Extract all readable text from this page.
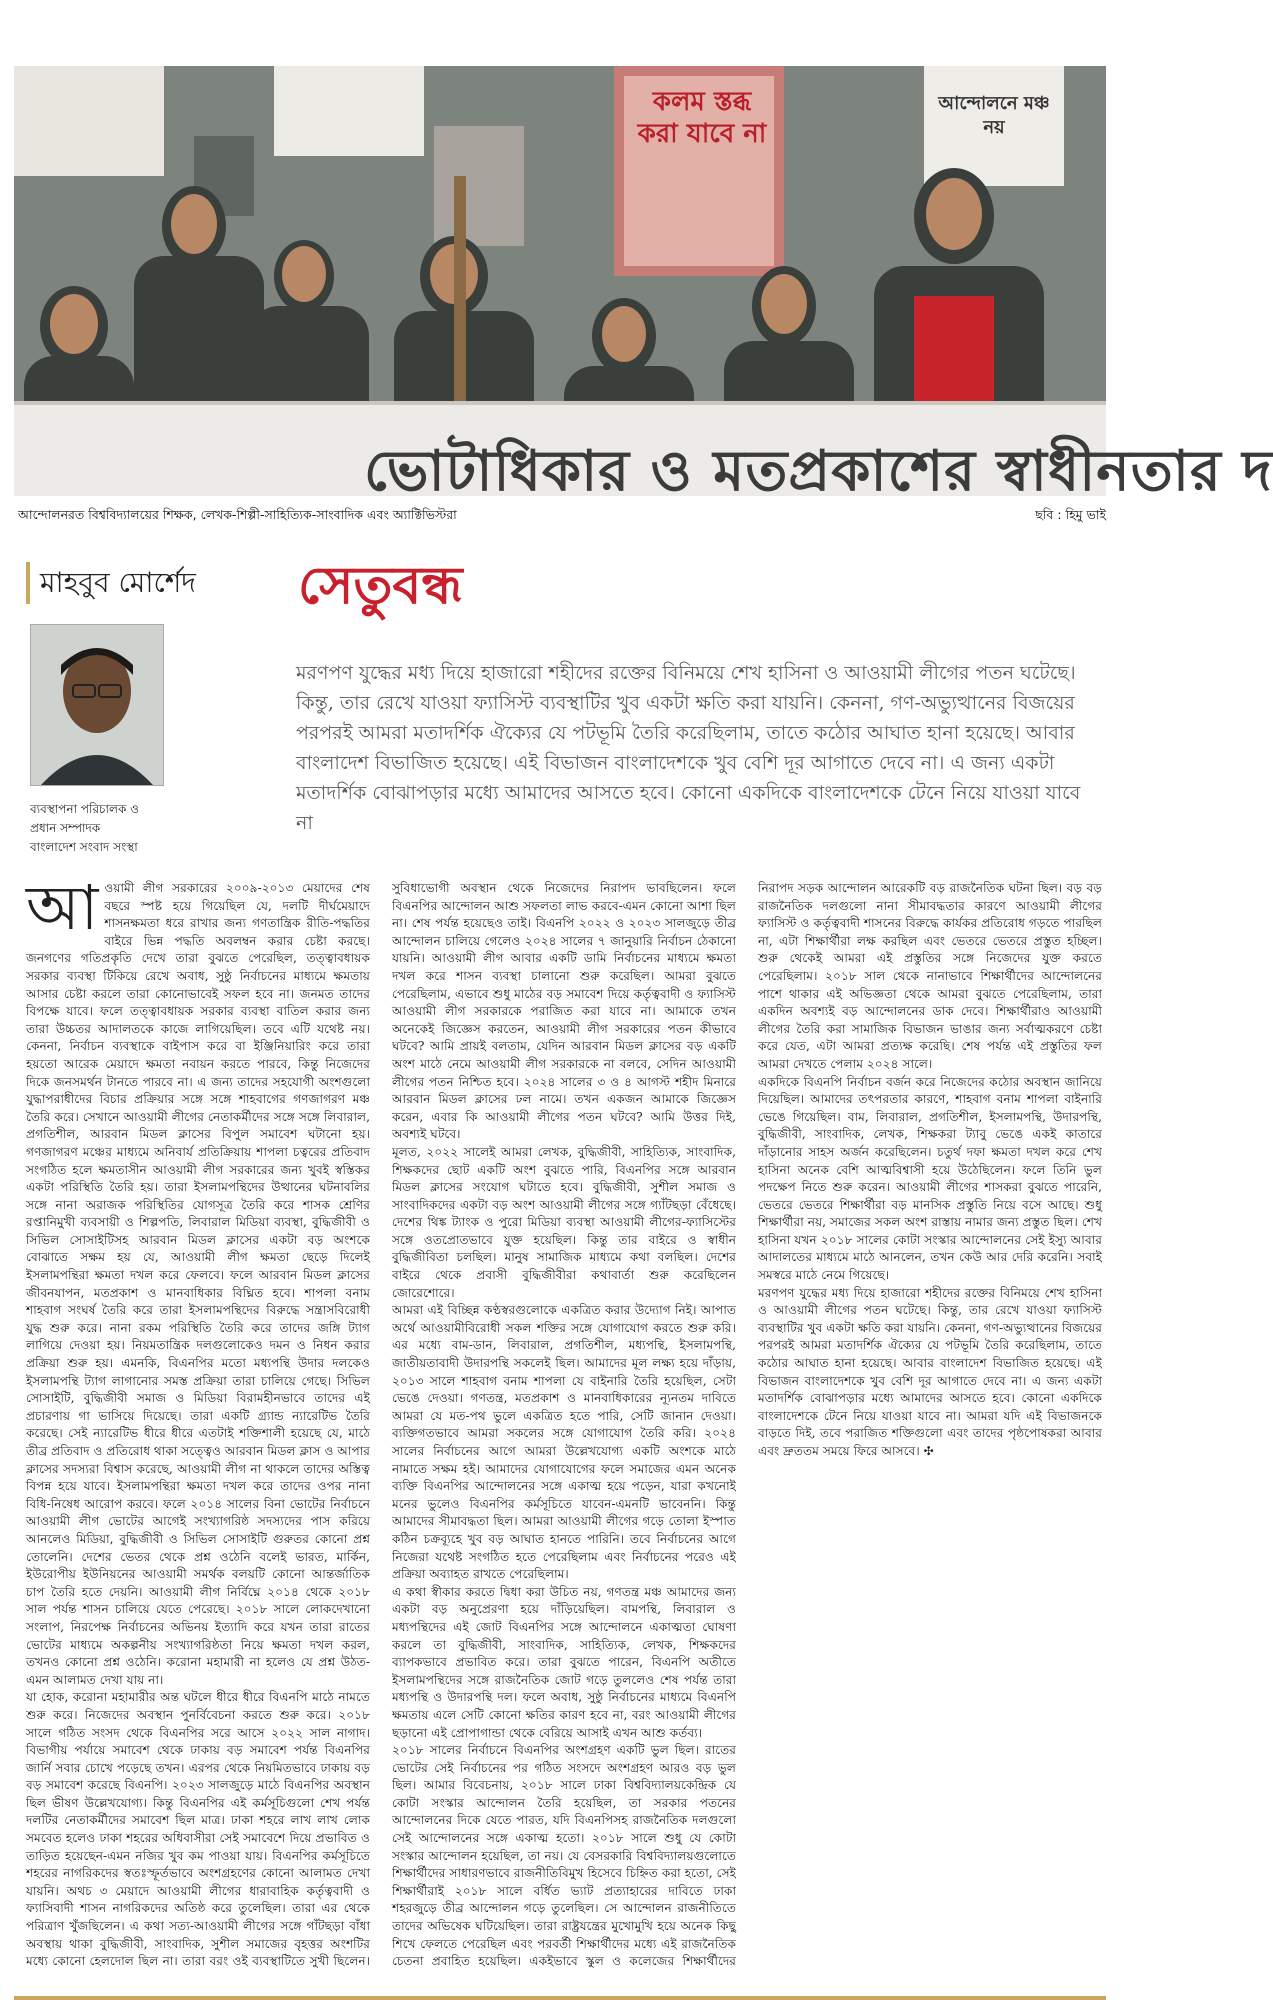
কলম স্তব্ধ করা যাবে না
আন্দোলনে মঞ্চ নয়
ভোটাধিকার ও মতপ্রকাশের স্বাধীনতার দ
আন্দোলনরত বিশ্ববিদ্যালয়ের শিক্ষক, লেখক-শিল্পী-সাহিত্যিক-সাংবাদিক এবং অ্যাক্টিভিস্টরা	ছবি : হিমু ভাই
মাহবুব মোর্শেদ সেতুবন্ধ
ব্যবস্থাপনা পরিচালক ও
প্রধান সম্পাদক
বাংলাদেশ সংবাদ সংস্থা
মরণপণ যুদ্ধের মধ্য দিয়ে হাজারো শহীদের রক্তের বিনিময়ে শেখ হাসিনা ও আওয়ামী লীগের পতন ঘটেছে। কিন্তু, তার রেখে যাওয়া ফ্যাসিস্ট ব্যবস্থাটির খুব একটা ক্ষতি করা যায়নি। কেননা, গণ-অভ্যুত্থানের বিজয়ের পরপরই আমরা মতাদর্শিক ঐক্যের যে পটভূমি তৈরি করেছিলাম, তাতে কঠোর আঘাত হানা হয়েছে। আবার বাংলাদেশ বিভাজিত হয়েছে। এই বিভাজন বাংলাদেশকে খুব বেশি দূর আগাতে দেবে না। এ জন্য একটা মতাদর্শিক বোঝাপড়ার মধ্যে আমাদের আসতে হবে। কোনো একদিকে বাংলাদেশকে টেনে নিয়ে যাওয়া যাবে না

আওয়ামী লীগ সরকারের ২০০৯-২০১৩ মেয়াদের শেষ বছরে স্পষ্ট হয়ে গিয়েছিল যে, দলটি দীর্ঘমেয়াদে শাসনক্ষমতা ধরে রাখার জন্য গণতান্ত্রিক রীতি-পদ্ধতির বাইরে ভিন্ন পদ্ধতি অবলম্বন করার চেষ্টা করছে। জনগণের গতিপ্রকৃতি দেখে তারা বুঝতে পেরেছিল, তত্ত্বাবধায়ক সরকার ব্যবস্থা টিকিয়ে রেখে অবাধ, সুষ্ঠু নির্বাচনের মাধ্যমে ক্ষমতায় আসার চেষ্টা করলে তারা কোনোভাবেই সফল হবে না। জনমত তাদের বিপক্ষে যাবে। ফলে তত্ত্বাবধায়ক সরকার ব্যবস্থা বাতিল করার জন্য তারা উচ্চতর আদালতকে কাজে লাগিয়েছিল। তবে এটি যথেষ্ট নয়। কেননা, নির্বাচন ব্যবস্থাকে বাইপাস করে বা ইঞ্জিনিয়ারিং করে তারা হয়তো আরেক মেয়াদে ক্ষমতা নবায়ন করতে পারবে, কিন্তু নিজেদের দিকে জনসমর্থন টানতে পারবে না। এ জন্য তাদের সহযোগী অংশগুলো যুদ্ধাপরাধীদের বিচার প্রক্রিয়ার সঙ্গে সঙ্গে শাহবাগের গণজাগরণ মঞ্চ তৈরি করে। সেখানে আওয়ামী লীগের নেতাকর্মীদের সঙ্গে সঙ্গে লিবারাল, প্রগতিশীল, আরবান মিডল ক্লাসের বিপুল সমাবেশ ঘটানো হয়। গণজাগরণ মঞ্চের মাধ্যমে অনিবার্য প্রতিক্রিয়ায় শাপলা চত্বরের প্রতিবাদ সংগঠিত হলে ক্ষমতাসীন আওয়ামী লীগ সরকারের জন্য খুবই স্বস্তিকর একটা পরিস্থিতি তৈরি হয়। তারা ইসলামপন্থিদের উত্থানের ঘটনাবলির সঙ্গে নানা অরাজক পরিস্থিতির যোগসূত্র তৈরি করে শাসক শ্রেণির রপ্তানিমুখী ব্যবসায়ী ও শিল্পপতি, লিবারাল মিডিয়া ব্যবস্থা, বুদ্ধিজীবী ও সিভিল সোসাইটিসহ আরবান মিডল ক্লাসের একটা বড় অংশকে বোঝাতে সক্ষম হয় যে, আওয়ামী লীগ ক্ষমতা ছেড়ে দিলেই ইসলামপন্থিরা ক্ষমতা দখল করে ফেলবে। ফলে আরবান মিডল ক্লাসের জীবনযাপন, মতপ্রকাশ ও মানবাধিকার বিঘ্নিত হবে। শাপলা বনাম শাহবাগ সংঘর্ষ তৈরি করে তারা ইসলামপন্থিদের বিরুদ্ধে সন্ত্রাসবিরোধী যুদ্ধ শুরু করে। নানা রকম পরিস্থিতি তৈরি করে তাদের জঙ্গি ট্যাগ লাগিয়ে দেওয়া হয়। নিয়মতান্ত্রিক দলগুলোকেও দমন ও নিধন করার প্রক্রিয়া শুরু হয়। এমনকি, বিএনপির মতো মধ্যপন্থি উদার দলকেও ইসলামপন্থি ট্যাগ লাগানোর সমস্ত প্রক্রিয়া তারা চালিয়ে গেছে। সিভিল সোসাইটি, বুদ্ধিজীবী সমাজ ও মিডিয়া বিরামহীনভাবে তাদের এই প্রচারণায় গা ভাসিয়ে দিয়েছে। তারা একটি গ্র্যান্ড ন্যারেটিভ তৈরি করেছে। সেই ন্যারেটিভ ধীরে ধীরে এতটাই শক্তিশালী হয়েছে যে, মাঠে তীব্র প্রতিবাদ ও প্রতিরোধ থাকা সত্ত্বেও আরবান মিডল ক্লাস ও আপার ক্লাসের সদস্যরা বিশ্বাস করেছে, আওয়ামী লীগ না থাকলে তাদের অস্তিত্ব বিপন্ন হয়ে যাবে। ইসলামপন্থিরা ক্ষমতা দখল করে তাদের ওপর নানা বিধি-নিষেধ আরোপ করবে। ফলে ২০১৪ সালের বিনা ভোটের নির্বাচনে আওয়ামী লীগ ভোটের আগেই সংখ্যাগরিষ্ঠ সদস্যদের পাস করিয়ে আনলেও মিডিয়া, বুদ্ধিজীবী ও সিভিল সোসাইটি গুরুতর কোনো প্রশ্ন তোলেনি। দেশের ভেতর থেকে প্রশ্ন ওঠেনি বলেই ভারত, মার্কিন, ইউরোপীয় ইউনিয়নের আওয়ামী সমর্থক বলয়টি কোনো আন্তর্জাতিক চাপ তৈরি হতে দেয়নি। আওয়ামী লীগ নির্বিঘ্নে ২০১৪ থেকে ২০১৮ সাল পর্যন্ত শাসন চালিয়ে যেতে পেরেছে। ২০১৮ সালে লোকদেখানো সংলাপ, নিরপেক্ষ নির্বাচনের অভিনয় ইত্যাদি করে যখন তারা রাতের ভোটের মাধ্যমে অকল্পনীয় সংখ্যাগরিষ্ঠতা নিয়ে ক্ষমতা দখল করল, তখনও কোনো প্রশ্ন ওঠেনি। করোনা মহামারী না হলেও যে প্রশ্ন উঠত-এমন আলামত দেখা যায় না।

যা হোক, করোনা মহামারীর অন্ত ঘটলে ধীরে ধীরে বিএনপি মাঠে নামতে শুরু করে। নিজেদের অবস্থান পুনর্বিবেচনা করতে শুরু করে। ২০১৮ সালে গঠিত সংসদ থেকে বিএনপির সরে আসে ২০২২ সাল নাগাদ। বিভাগীয় পর্যায়ে সমাবেশ থেকে ঢাকায় বড় সমাবেশ পর্যন্ত বিএনপির জার্নি সবার চোখে পড়েছে তখন। এরপর থেকে নিয়মিতভাবে ঢাকায় বড় বড় সমাবেশ করেছে বিএনপি। ২০২৩ সালজুড়ে মাঠে বিএনপির অবস্থান ছিল ভীষণ উল্লেখযোগ্য। কিন্তু বিএনপির এই কর্মসূচিগুলো শেখ পর্যন্ত দলটির নেতাকর্মীদের সমাবেশ ছিল মাত্র। ঢাকা শহরে লাখ লাখ লোক সমবেত হলেও ঢাকা শহরের অধিবাসীরা সেই সমাবেশে দিয়ে প্রভাবিত ও তাড়িত হয়েছেন-এমন নজির খুব কম পাওয়া যায়। বিএনপির কর্মসূচিতে শহরের নাগরিকদের স্বতঃস্ফূর্তভাবে অংশগ্রহণের কোনো আলামত দেখা যায়নি। অথচ ৩ মেয়াদে আওয়ামী লীগের ধারাবাহিক কর্তৃত্ববাদী ও ফ্যাসিবাদী শাসন নাগরিকদের অতিষ্ঠ করে তুলেছিল। তারা এর থেকে পরিত্রাণ খুঁজছিলেন। এ কথা সত্য-আওয়ামী লীগের সঙ্গে গাঁটছড়া বাঁধা অবস্থায় থাকা বুদ্ধিজীবী, সাংবাদিক, সুশীল সমাজের বৃহত্তর অংশটির মধ্যে কোনো হেলদোল ছিল না। তারা বরং ওই ব্যবস্থাটিতে সুখী ছিলেন। সুবিধাভোগী অবস্থান থেকে নিজেদের নিরাপদ ভাবছিলেন। ফলে বিএনপির আন্দোলন আশু সফলতা লাভ করবে-এমন কোনো আশা ছিল না। শেষ পর্যন্ত হয়েছেও তাই। বিএনপি ২০২২ ও ২০২৩ সালজুড়ে তীব্র আন্দোলন চালিয়ে গেলেও ২০২৪ সালের ৭ জানুয়ারি নির্বাচন ঠেকানো যায়নি। আওয়ামী লীগ আবার একটি ডামি নির্বাচনের মাধ্যমে ক্ষমতা দখল করে শাসন ব্যবস্থা চালানো শুরু করেছিল। আমরা বুঝতে পেরেছিলাম, এভাবে শুধু মাঠের বড় সমাবেশ দিয়ে কর্তৃত্ববাদী ও ফ্যাসিস্ট আওয়ামী লীগ সরকারকে পরাজিত করা যাবে না। আমাকে তখন অনেকেই জিজ্ঞেস করতেন, আওয়ামী লীগ সরকারের পতন কীভাবে ঘটবে? আমি প্রায়ই বলতাম, যেদিন আরবান মিডল ক্লাসের বড় একটি অংশ মাঠে নেমে আওয়ামী লীগ সরকারকে না বলবে, সেদিন আওয়ামী লীগের পতন নিশ্চিত হবে। ২০২৪ সালের ৩ ও ৪ আগস্ট শহীদ মিনারে আরবান মিডল ক্লাসের ঢল নামে। তখন একজন আমাকে জিজ্ঞেস করেন, এবার কি আওয়ামী লীগের পতন ঘটবে? আমি উত্তর দিই, অবশ্যই ঘটবে।

মূলত, ২০২২ সালেই আমরা লেখক, বুদ্ধিজীবী, সাহিত্যিক, সাংবাদিক, শিক্ষকদের ছোট একটি অংশ বুঝতে পারি, বিএনপির সঙ্গে আরবান মিডল ক্লাসের সংযোগ ঘটাতে হবে। বুদ্ধিজীবী, সুশীল সমাজ ও সাংবাদিকদের একটা বড় অংশ আওয়ামী লীগের সঙ্গে গ্যাঁটছড়া বেঁধেছে। দেশের থিঙ্ক ট্যাংক ও পুরো মিডিয়া ব্যবস্থা আওয়ামী লীগের-ফ্যাসিস্টের সঙ্গে ওতপ্রোতভাবে যুক্ত হয়েছিল। কিন্তু তার বাইরে ও স্বাধীন বুদ্ধিজীবিতা চলছিল। মানুষ সামাজিক মাধ্যমে কথা বলছিল। দেশের বাইরে থেকে প্রবাসী বুদ্ধিজীবীরা কথাবার্তা শুরু করেছিলেন জোরেশোরে।

আমরা এই বিচ্ছিন্ন কণ্ঠস্বরগুলোকে একত্রিত করার উদ্যোগ নিই। আপাত অর্থে আওয়ামীবিরোধী সকল শক্তির সঙ্গে যোগাযোগ করতে শুরু করি। এর মধ্যে বাম-ডান, লিবারাল, প্রগতিশীল, মধ্যপন্থি, ইসলামপন্থি, জাতীয়তাবাদী উদারপন্থি সকলেই ছিল। আমাদের মূল লক্ষ্য হয়ে দাঁড়ায়, ২০১৩ সালে শাহবাগ বনাম শাপলা যে বাইনারি তৈরি হয়েছিল, সেটা ভেঙে দেওয়া। গণতন্ত্র, মতপ্রকাশ ও মানবাধিকারের ন্যূনতম দাবিতে আমরা যে মত-পথ ভুলে একত্রিত হতে পারি, সেটি জানান দেওয়া। ব্যক্তিগতভাবে আমরা সকলের সঙ্গে যোগাযোগ তৈরি করি। ২০২৪ সালের নির্বাচনের আগে আমরা উল্লেখযোগ্য একটি অংশকে মাঠে নামাতে সক্ষম হই। আমাদের যোগাযোগের ফলে সমাজের এমন অনেক ব্যক্তি বিএনপির আন্দোলনের সঙ্গে একাত্ম হয়ে পড়েন, যারা কখনোই মনের ভুলেও বিএনপির কর্মসূচিতে যাবেন-এমনটি ভাবেননি। কিন্তু আমাদের সীমাবদ্ধতা ছিল। আমরা আওয়ামী লীগের গড়ে তোলা ইস্পাত কঠিন চক্রব্যূহে খুব বড় আঘাত হানতে পারিনি। তবে নির্বাচনের আগে নিজেরা যথেষ্ট সংগঠিত হতে পেরেছিলাম এবং নির্বাচনের পরেও এই প্রক্রিয়া অব্যাহত রাখতে পেরেছিলাম।

এ কথা স্বীকার করতে দ্বিধা করা উচিত নয়, গণতন্ত্র মঞ্চ আমাদের জন্য একটা বড় অনুপ্রেরণা হয়ে দাঁড়িয়েছিল। বামপন্থি, লিবারাল ও মধ্যপন্থিদের এই জোট বিএনপির সঙ্গে আন্দোলনে একাত্মতা ঘোষণা করলে তা বুদ্ধিজীবী, সাংবাদিক, সাহিত্যিক, লেখক, শিক্ষকদের ব্যাপকভাবে প্রভাবিত করে। তারা বুঝতে পারেন, বিএনপি অতীতে ইসলামপন্থিদের সঙ্গে রাজনৈতিক জোট গড়ে তুললেও শেষ পর্যন্ত তারা মধ্যপন্থি ও উদারপন্থি দল। ফলে অবাধ, সুষ্ঠু নির্বাচনের মাধ্যমে বিএনপি ক্ষমতায় এলে সেটি কোনো ক্ষতির কারণ হবে না, বরং আওয়ামী লীগের ছড়ানো এই প্রোপাগান্ডা থেকে বেরিয়ে আসাই এখন আশু কর্তব্য।

২০১৮ সালের নির্বাচনে বিএনপির অংশগ্রহণ একটি ভুল ছিল। রাতের ভোটের সেই নির্বাচনের পর গঠিত সংসদে অংশগ্রহণ আরও বড় ভুল ছিল। আমার বিবেচনায়, ২০১৮ সালে ঢাকা বিশ্ববিদ্যালয়কেন্দ্রিক যে কোটা সংস্কার আন্দোলন তৈরি হয়েছিল, তা সরকার পতনের আন্দোলনের দিকে যেতে পারত, যদি বিএনপিসহ রাজনৈতিক দলগুলো সেই আন্দোলনের সঙ্গে একাত্ম হতো। ২০১৮ সালে শুধু যে কোটা সংস্কার আন্দোলন হয়েছিল, তা নয়। যে বেসরকারি বিশ্ববিদ্যালয়গুলোতে শিক্ষার্থীদের সাধারণভাবে রাজনীতিবিমুখ হিসেবে চিহ্নিত করা হতো, সেই শিক্ষার্থীরাই ২০১৮ সালে বর্ধিত ভ্যাট প্রত্যাহারের দাবিতে ঢাকা শহরজুড়ে তীব্র আন্দোলন গড়ে তুলেছিল। সে আন্দোলন রাজনীতিতে তাদের অভিষেক ঘটিয়েছিল। তারা রাষ্ট্রযন্ত্রের মুখোমুখি হয়ে অনেক কিছু শিখে ফেলতে পেরেছিল এবং পরবর্তী শিক্ষার্থীদের মধ্যে এই রাজনৈতিক চেতনা প্রবাহিত হয়েছিল। একইভাবে স্কুল ও কলেজের শিক্ষার্থীদের নিরাপদ সড়ক আন্দোলন আরেকটি বড় রাজনৈতিক ঘটনা ছিল। বড় বড় রাজনৈতিক দলগুলো নানা সীমাবদ্ধতার কারণে আওয়ামী লীগের ফ্যাসিস্ট ও কর্তৃত্ববাদী শাসনের বিরুদ্ধে কার্যকর প্রতিরোধ গড়তে পারছিল না, এটা শিক্ষার্থীরা লক্ষ করছিল এবং ভেতরে ভেতরে প্রস্তুত হচ্ছিল। শুরু থেকেই আমরা এই প্রস্তুতির সঙ্গে নিজেদের যুক্ত করতে পেরেছিলাম। ২০১৮ সাল থেকে নানাভাবে শিক্ষার্থীদের আন্দোলনের পাশে থাকার এই অভিজ্ঞতা থেকে আমরা বুঝতে পেরেছিলাম, তারা একদিন অবশ্যই বড় আন্দোলনের ডাক দেবে। শিক্ষার্থীরাও আওয়ামী লীগের তৈরি করা সামাজিক বিভাজন ভাঙার জন্য সর্বাত্মকরণে চেষ্টা করে যেত, এটা আমরা প্রত্যক্ষ করেছি। শেষ পর্যন্ত এই প্রস্তুতির ফল আমরা দেখতে পেলাম ২০২৪ সালে।

একদিকে বিএনপি নির্বাচন বর্জন করে নিজেদের কঠোর অবস্থান জানিয়ে দিয়েছিল। আমাদের তৎপরতার কারণে, শাহবাগ বনাম শাপলা বাইনারি ভেঙে গিয়েছিল। বাম, লিবারাল, প্রগতিশীল, ইসলামপন্থি, উদারপন্থি, বুদ্ধিজীবী, সাংবাদিক, লেখক, শিক্ষকরা ট্যাবু ভেঙে একই কাতারে দাঁড়ানোর সাহস অর্জন করেছিলেন। চতুর্থ দফা ক্ষমতা দখল করে শেখ হাসিনা অনেক বেশি আত্মবিশ্বাসী হয়ে উঠেছিলেন। ফলে তিনি ভুল পদক্ষেপ নিতে শুরু করেন। আওয়ামী লীগের শাসকরা বুঝতে পারেনি, ভেতরে ভেতরে শিক্ষার্থীরা বড় মানসিক প্রস্তুতি নিয়ে বসে আছে। শুধু শিক্ষার্থীরা নয়, সমাজের সকল অংশ রাস্তায় নামার জন্য প্রস্তুত ছিল। শেখ হাসিনা যখন ২০১৮ সালের কোটা সংস্কার আন্দোলনের সেই ইস্যু আবার আদালতের মাধ্যমে মাঠে আনলেন, তখন কেউ আর দেরি করেনি। সবাই সমস্বরে মাঠে নেমে গিয়েছে।

মরণপণ যুদ্ধের মধ্য দিয়ে হাজারো শহীদের রক্তের বিনিময়ে শেখ হাসিনা ও আওয়ামী লীগের পতন ঘটেছে। কিন্তু, তার রেখে যাওয়া ফ্যাসিস্ট ব্যবস্থাটির খুব একটা ক্ষতি করা যায়নি। কেননা, গণ-অভ্যুত্থানের বিজয়ের পরপরই আমরা মতাদর্শিক ঐক্যের যে পটভূমি তৈরি করেছিলাম, তাতে কঠোর আঘাত হানা হয়েছে। আবার বাংলাদেশ বিভাজিত হয়েছে। এই বিভাজন বাংলাদেশকে খুব বেশি দূর আগাতে দেবে না। এ জন্য একটা মতাদর্শিক বোঝাপড়ার মধ্যে আমাদের আসতে হবে। কোনো একদিকে বাংলাদেশকে টেনে নিয়ে যাওয়া যাবে না। আমরা যদি এই বিভাজনকে বাড়তে দিই, তবে পরাজিত শক্তিগুলো এবং তাদের পৃষ্ঠপোষকরা আবার এবং দ্রুততম সময়ে ফিরে আসবে। ✣
